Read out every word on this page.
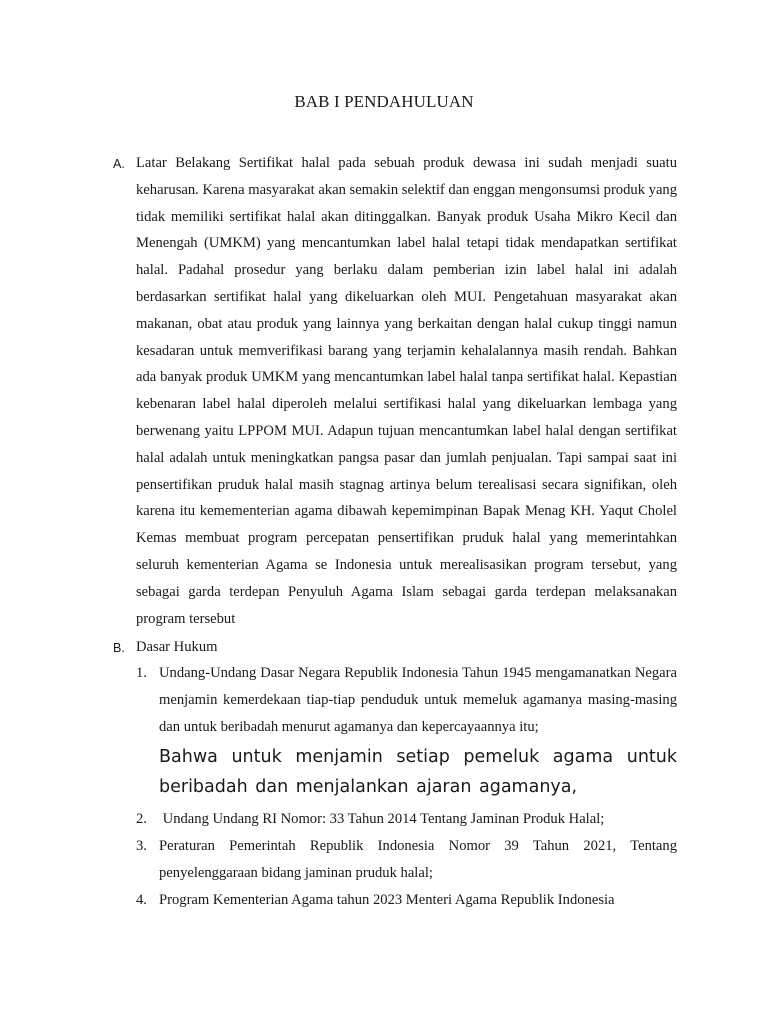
BAB I PENDAHULUAN
A. Latar Belakang Sertifikat halal pada sebuah produk dewasa ini sudah menjadi suatu keharusan. Karena masyarakat akan semakin selektif dan enggan mengonsumsi produk yang tidak memiliki sertifikat halal akan ditinggalkan. Banyak produk Usaha Mikro Kecil dan Menengah (UMKM) yang mencantumkan label halal tetapi tidak mendapatkan sertifikat halal. Padahal prosedur yang berlaku dalam pemberian izin label halal ini adalah berdasarkan sertifikat halal yang dikeluarkan oleh MUI. Pengetahuan masyarakat akan makanan, obat atau produk yang lainnya yang berkaitan dengan halal cukup tinggi namun kesadaran untuk memverifikasi barang yang terjamin kehalalannya masih rendah. Bahkan ada banyak produk UMKM yang mencantumkan label halal tanpa sertifikat halal. Kepastian kebenaran label halal diperoleh melalui sertifikasi halal yang dikeluarkan lembaga yang berwenang yaitu LPPOM MUI. Adapun tujuan mencantumkan label halal dengan sertifikat halal adalah untuk meningkatkan pangsa pasar dan jumlah penjualan. Tapi sampai saat ini pensertifikan pruduk halal masih stagnag artinya belum terealisasi secara signifikan, oleh karena itu kemementerian agama dibawah kepemimpinan Bapak Menag KH. Yaqut Cholel Kemas membuat program percepatan pensertifikan pruduk halal yang memerintahkan seluruh kementerian Agama se Indonesia untuk merealisasikan program tersebut, yang sebagai garda terdepan Penyuluh Agama Islam sebagai garda terdepan melaksanakan program tersebut
B. Dasar Hukum
1. Undang-Undang Dasar Negara Republik Indonesia Tahun 1945 mengamanatkan Negara menjamin kemerdekaan tiap-tiap penduduk untuk memeluk agamanya masing-masing dan untuk beribadah menurut agamanya dan kepercayaannya itu;
Bahwa untuk menjamin setiap pemeluk agama untuk beribadah dan menjalankan ajaran agamanya,
2. Undang Undang RI Nomor: 33 Tahun 2014 Tentang Jaminan Produk Halal;
3. Peraturan Pemerintah Republik Indonesia Nomor 39 Tahun 2021, Tentang penyelenggaraan bidang jaminan pruduk halal;
4. Program Kementerian Agama tahun 2023 Menteri Agama Republik Indonesia
